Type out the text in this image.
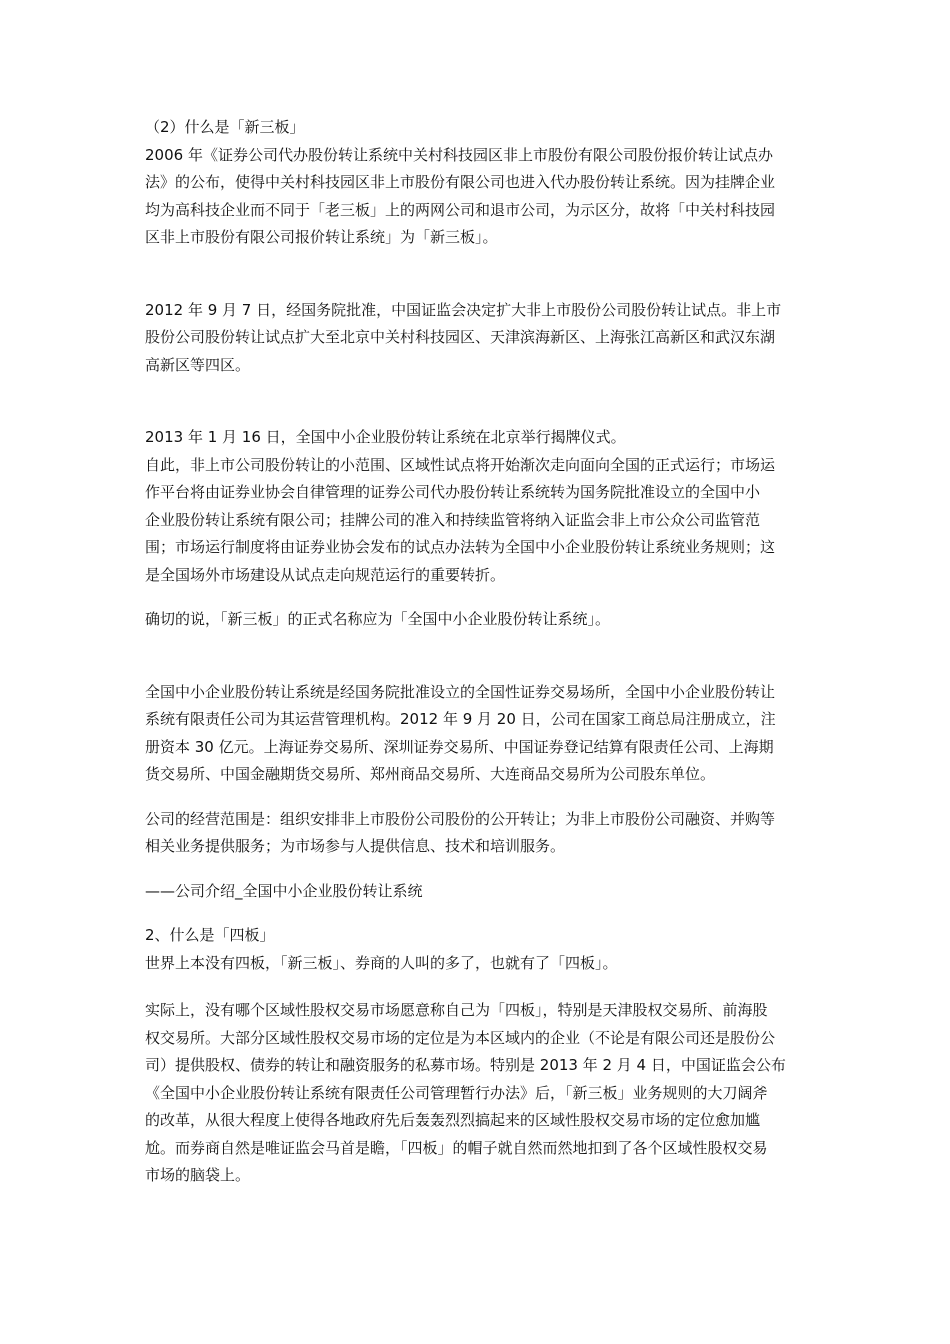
（2）什么是「新三板」
2006 年《证券公司代办股份转让系统中关村科技园区非上市股份有限公司股份报价转让试点办
法》的公布，使得中关村科技园区非上市股份有限公司也进入代办股份转让系统。因为挂牌企业
均为高科技企业而不同于「老三板」上的两网公司和退市公司，为示区分，故将「中关村科技园
区非上市股份有限公司报价转让系统」为「新三板」。
2012 年 9 月 7 日，经国务院批准，中国证监会决定扩大非上市股份公司股份转让试点。非上市
股份公司股份转让试点扩大至北京中关村科技园区、天津滨海新区、上海张江高新区和武汉东湖
高新区等四区。
2013 年 1 月 16 日，全国中小企业股份转让系统在北京举行揭牌仪式。
自此，非上市公司股份转让的小范围、区域性试点将开始渐次走向面向全国的正式运行；市场运
作平台将由证券业协会自律管理的证券公司代办股份转让系统转为国务院批准设立的全国中小
企业股份转让系统有限公司；挂牌公司的准入和持续监管将纳入证监会非上市公众公司监管范
围；市场运行制度将由证券业协会发布的试点办法转为全国中小企业股份转让系统业务规则；这
是全国场外市场建设从试点走向规范运行的重要转折。
确切的说，「新三板」的正式名称应为「全国中小企业股份转让系统」。
全国中小企业股份转让系统是经国务院批准设立的全国性证券交易场所，全国中小企业股份转让
系统有限责任公司为其运营管理机构。2012 年 9 月 20 日，公司在国家工商总局注册成立，注
册资本 30 亿元。上海证券交易所、深圳证券交易所、中国证券登记结算有限责任公司、上海期
货交易所、中国金融期货交易所、郑州商品交易所、大连商品交易所为公司股东单位。
公司的经营范围是：组织安排非上市股份公司股份的公开转让；为非上市股份公司融资、并购等
相关业务提供服务；为市场参与人提供信息、技术和培训服务。
——公司介绍_全国中小企业股份转让系统
2、什么是「四板」
世界上本没有四板，「新三板」、券商的人叫的多了，也就有了「四板」。
实际上，没有哪个区域性股权交易市场愿意称自己为「四板」，特别是天津股权交易所、前海股
权交易所。大部分区域性股权交易市场的定位是为本区域内的企业（不论是有限公司还是股份公
司）提供股权、债券的转让和融资服务的私募市场。特别是 2013 年 2 月 4 日，中国证监会公布
《全国中小企业股份转让系统有限责任公司管理暂行办法》后，「新三板」业务规则的大刀阔斧
的改革，从很大程度上使得各地政府先后轰轰烈烈搞起来的区域性股权交易市场的定位愈加尴
尬。而券商自然是唯证监会马首是瞻，「四板」的帽子就自然而然地扣到了各个区域性股权交易
市场的脑袋上。
